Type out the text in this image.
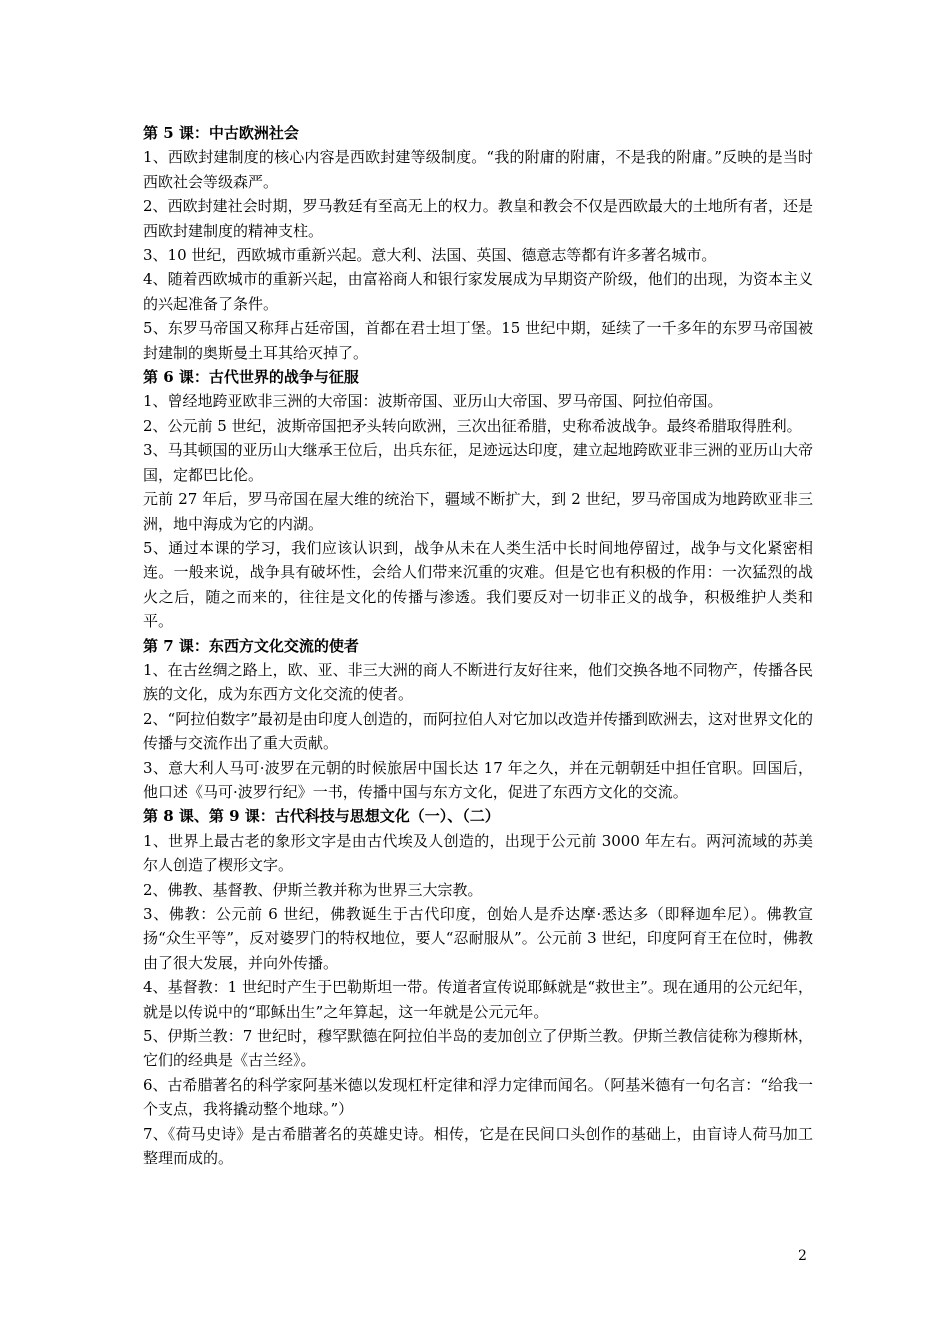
第 5 课：中古欧洲社会

1、西欧封建制度的核心内容是西欧封建等级制度。“我的附庸的附庸，不是我的附庸。”反映的是当时西欧社会等级森严。

2、西欧封建社会时期，罗马教廷有至高无上的权力。教皇和教会不仅是西欧最大的土地所有者，还是西欧封建制度的精神支柱。

3、10 世纪，西欧城市重新兴起。意大利、法国、英国、德意志等都有许多著名城市。

4、随着西欧城市的重新兴起，由富裕商人和银行家发展成为早期资产阶级，他们的出现，为资本主义的兴起准备了条件。

5、东罗马帝国又称拜占廷帝国，首都在君士坦丁堡。15 世纪中期，延续了一千多年的东罗马帝国被封建制的奥斯曼土耳其给灭掉了。

第 6 课：古代世界的战争与征服

1、曾经地跨亚欧非三洲的大帝国：波斯帝国、亚历山大帝国、罗马帝国、阿拉伯帝国。

2、公元前 5 世纪，波斯帝国把矛头转向欧洲，三次出征希腊，史称希波战争。最终希腊取得胜利。

3、马其顿国的亚历山大继承王位后，出兵东征，足迹远达印度，建立起地跨欧亚非三洲的亚历山大帝国，定都巴比伦。

元前 27 年后，罗马帝国在屋大维的统治下，疆域不断扩大，到 2 世纪，罗马帝国成为地跨欧亚非三洲，地中海成为它的内湖。

5、通过本课的学习，我们应该认识到，战争从未在人类生活中长时间地停留过，战争与文化紧密相连。一般来说，战争具有破坏性，会给人们带来沉重的灾难。但是它也有积极的作用：一次猛烈的战火之后，随之而来的，往往是文化的传播与渗透。我们要反对一切非正义的战争，积极维护人类和平。

第 7 课：东西方文化交流的使者

1、在古丝绸之路上，欧、亚、非三大洲的商人不断进行友好往来，他们交换各地不同物产，传播各民族的文化，成为东西方文化交流的使者。

2、“阿拉伯数字”最初是由印度人创造的，而阿拉伯人对它加以改造并传播到欧洲去，这对世界文化的传播与交流作出了重大贡献。

3、意大利人马可·波罗在元朝的时候旅居中国长达 17 年之久，并在元朝朝廷中担任官职。回国后，他口述《马可·波罗行纪》一书，传播中国与东方文化，促进了东西方文化的交流。

第 8 课、第 9 课：古代科技与思想文化（一）、（二）

1、世界上最古老的象形文字是由古代埃及人创造的，出现于公元前 3000 年左右。两河流域的苏美尔人创造了楔形文字。

2、佛教、基督教、伊斯兰教并称为世界三大宗教。

3、佛教：公元前 6 世纪，佛教诞生于古代印度，创始人是乔达摩·悉达多（即释迦牟尼）。佛教宣扬“众生平等”，反对婆罗门的特权地位，要人“忍耐服从”。公元前 3 世纪，印度阿育王在位时，佛教由了很大发展，并向外传播。

4、基督教：1 世纪时产生于巴勒斯坦一带。传道者宣传说耶稣就是“救世主”。现在通用的公元纪年，就是以传说中的“耶稣出生”之年算起，这一年就是公元元年。

5、伊斯兰教：7 世纪时，穆罕默德在阿拉伯半岛的麦加创立了伊斯兰教。伊斯兰教信徒称为穆斯林，它们的经典是《古兰经》。

6、古希腊著名的科学家阿基米德以发现杠杆定律和浮力定律而闻名。（阿基米德有一句名言：“给我一个支点，我将撬动整个地球。”）

7、《荷马史诗》是古希腊著名的英雄史诗。相传，它是在民间口头创作的基础上，由盲诗人荷马加工整理而成的。

2
